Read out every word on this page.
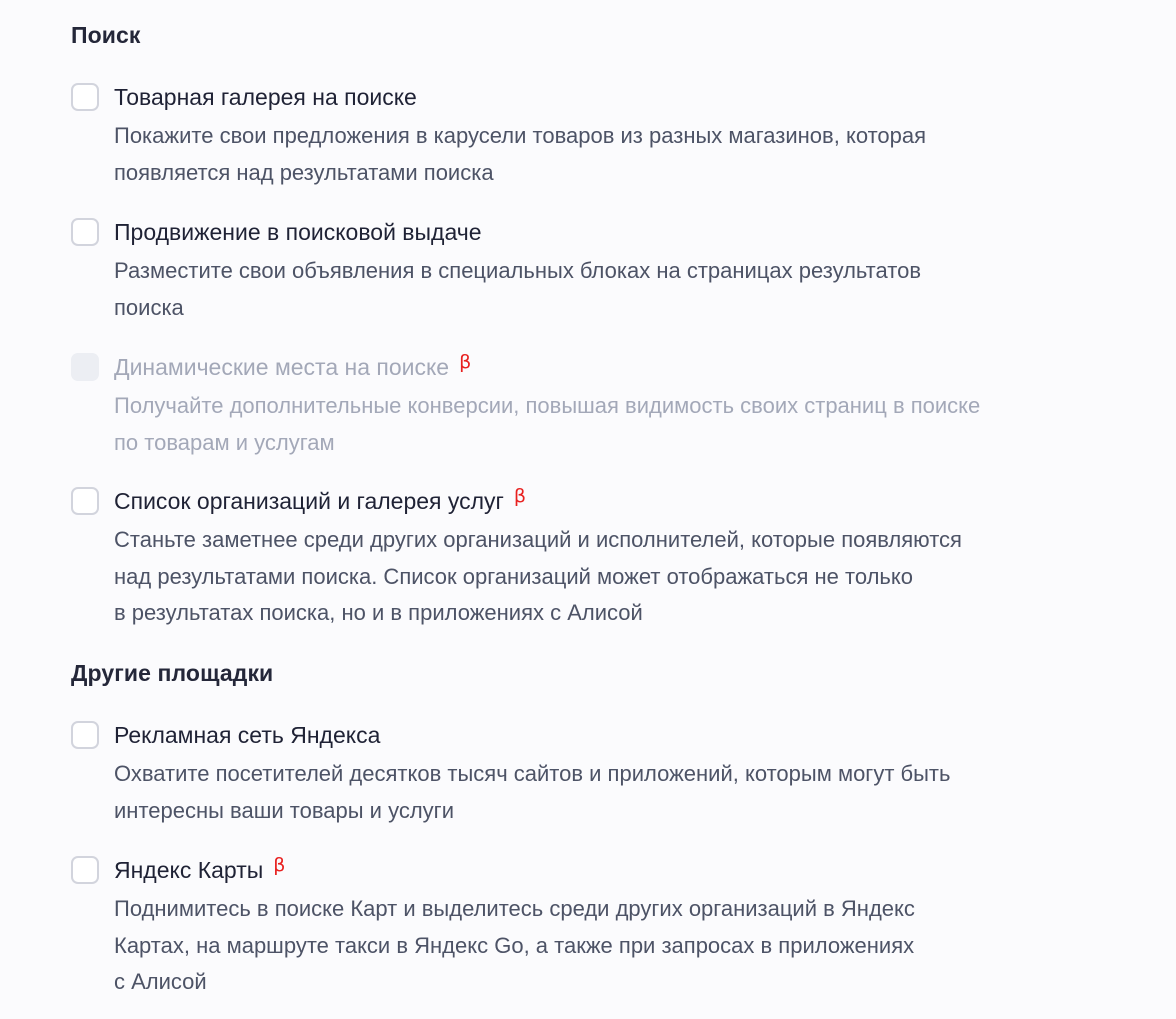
Поиск
Товарная галерея на поиске

Покажите свои предложения в карусели товаров из разных магазинов, которая
появляется над результатами поиска

Продвижение в поисковой выдаче

Разместите свои объявления в специальных блоках на страницах результатов
поиска

Динамические места на поиске β

Получайте дополнительные конверсии, повышая видимость своих страниц в поиске
по товарам и услугам

Список организаций и галерея услуг β

Станьте заметнее среди других организаций и исполнителей, которые появляются
над результатами поиска. Список организаций может отображаться не только
в результатах поиска, но и в приложениях с Алисой

Другие площадки
Рекламная сеть Яндекса

Охватите посетителей десятков тысяч сайтов и приложений, которым могут быть
интересны ваши товары и услуги

Яндекс Карты β

Поднимитесь в поиске Карт и выделитесь среди других организаций в Яндекс
Картах, на маршруте такси в Яндекс Go, а также при запросах в приложениях
с Алисой
